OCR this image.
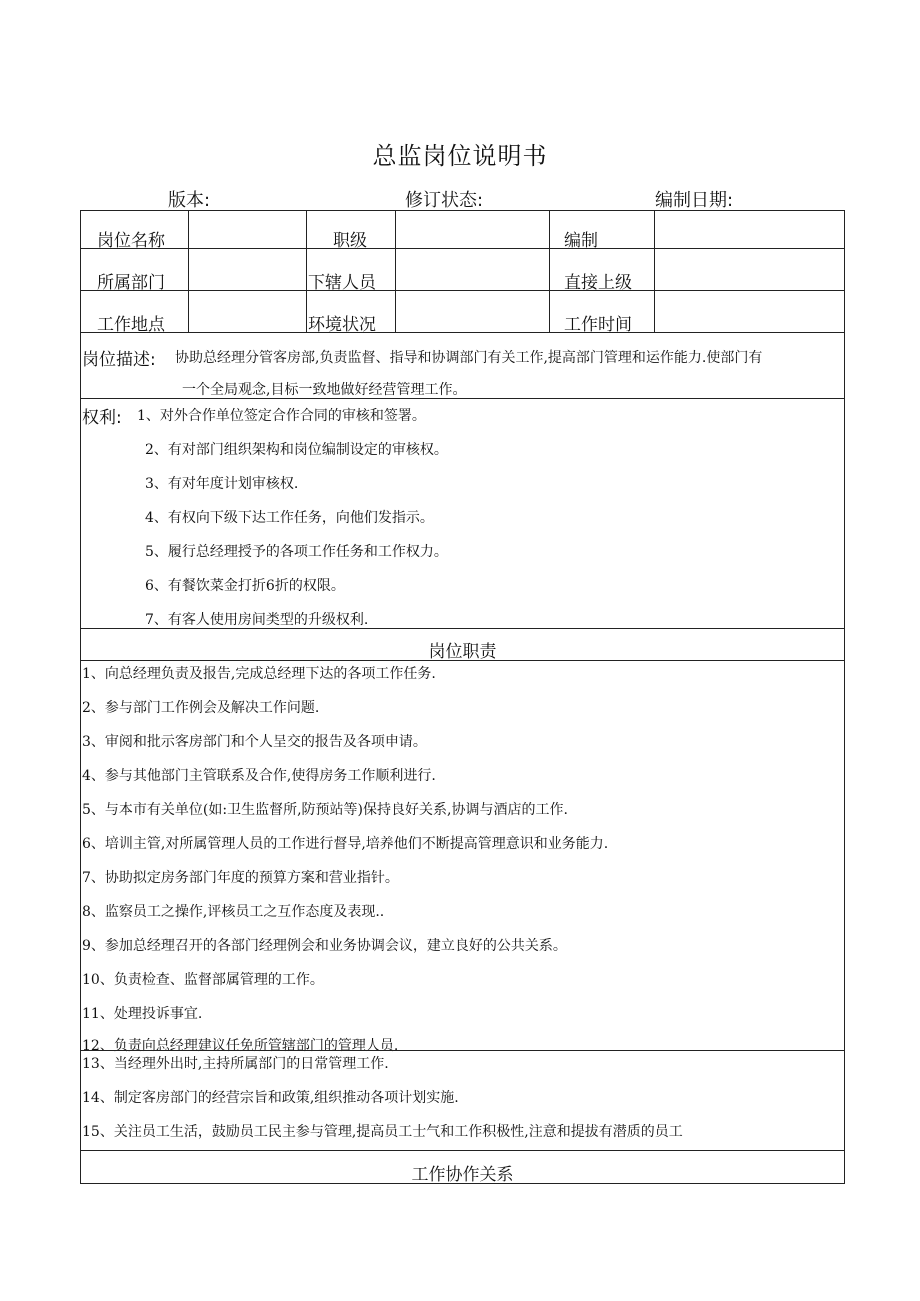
总监岗位说明书
版本:	修订状态:	编制日期:
岗位名称	职级	编制
所属部门	下辖人员	直接上级
工作地点	环境状况	工作时间
岗位描述: 协助总经理分管客房部,负责监督、指导和协调部门有关工作,提高部门管理和运作能力.使部门有
一个全局观念,目标一致地做好经营管理工作。
权利: 1、对外合作单位签定合作合同的审核和签署。
2、有对部门组织架构和岗位编制设定的审核权。
3、有对年度计划审核权.
4、有权向下级下达工作任务，向他们发指示。
5、履行总经理授予的各项工作任务和工作权力。
6、有餐饮菜金打折6折的权限。
7、有客人使用房间类型的升级权利.
岗位职责
1、向总经理负责及报告,完成总经理下达的各项工作任务.
2、参与部门工作例会及解决工作问题.
3、审阅和批示客房部门和个人呈交的报告及各项申请。
4、参与其他部门主管联系及合作,使得房务工作顺利进行.
5、与本市有关单位(如:卫生监督所,防预站等)保持良好关系,协调与酒店的工作.
6、培训主管,对所属管理人员的工作进行督导,培养他们不断提高管理意识和业务能力.
7、协助拟定房务部门年度的预算方案和营业指针。
8、监察员工之操作,评核员工之互作态度及表现..
9、参加总经理召开的各部门经理例会和业务协调会议，建立良好的公共关系。
10、负责检查、监督部属管理的工作。
11、处理投诉事宜.
12、负责向总经理建议任免所管辖部门的管理人员.
13、当经理外出时,主持所属部门的日常管理工作.
14、制定客房部门的经营宗旨和政策,组织推动各项计划实施.
15、关注员工生活，鼓励员工民主参与管理,提高员工士气和工作积极性,注意和提拔有潜质的员工
工作协作关系
